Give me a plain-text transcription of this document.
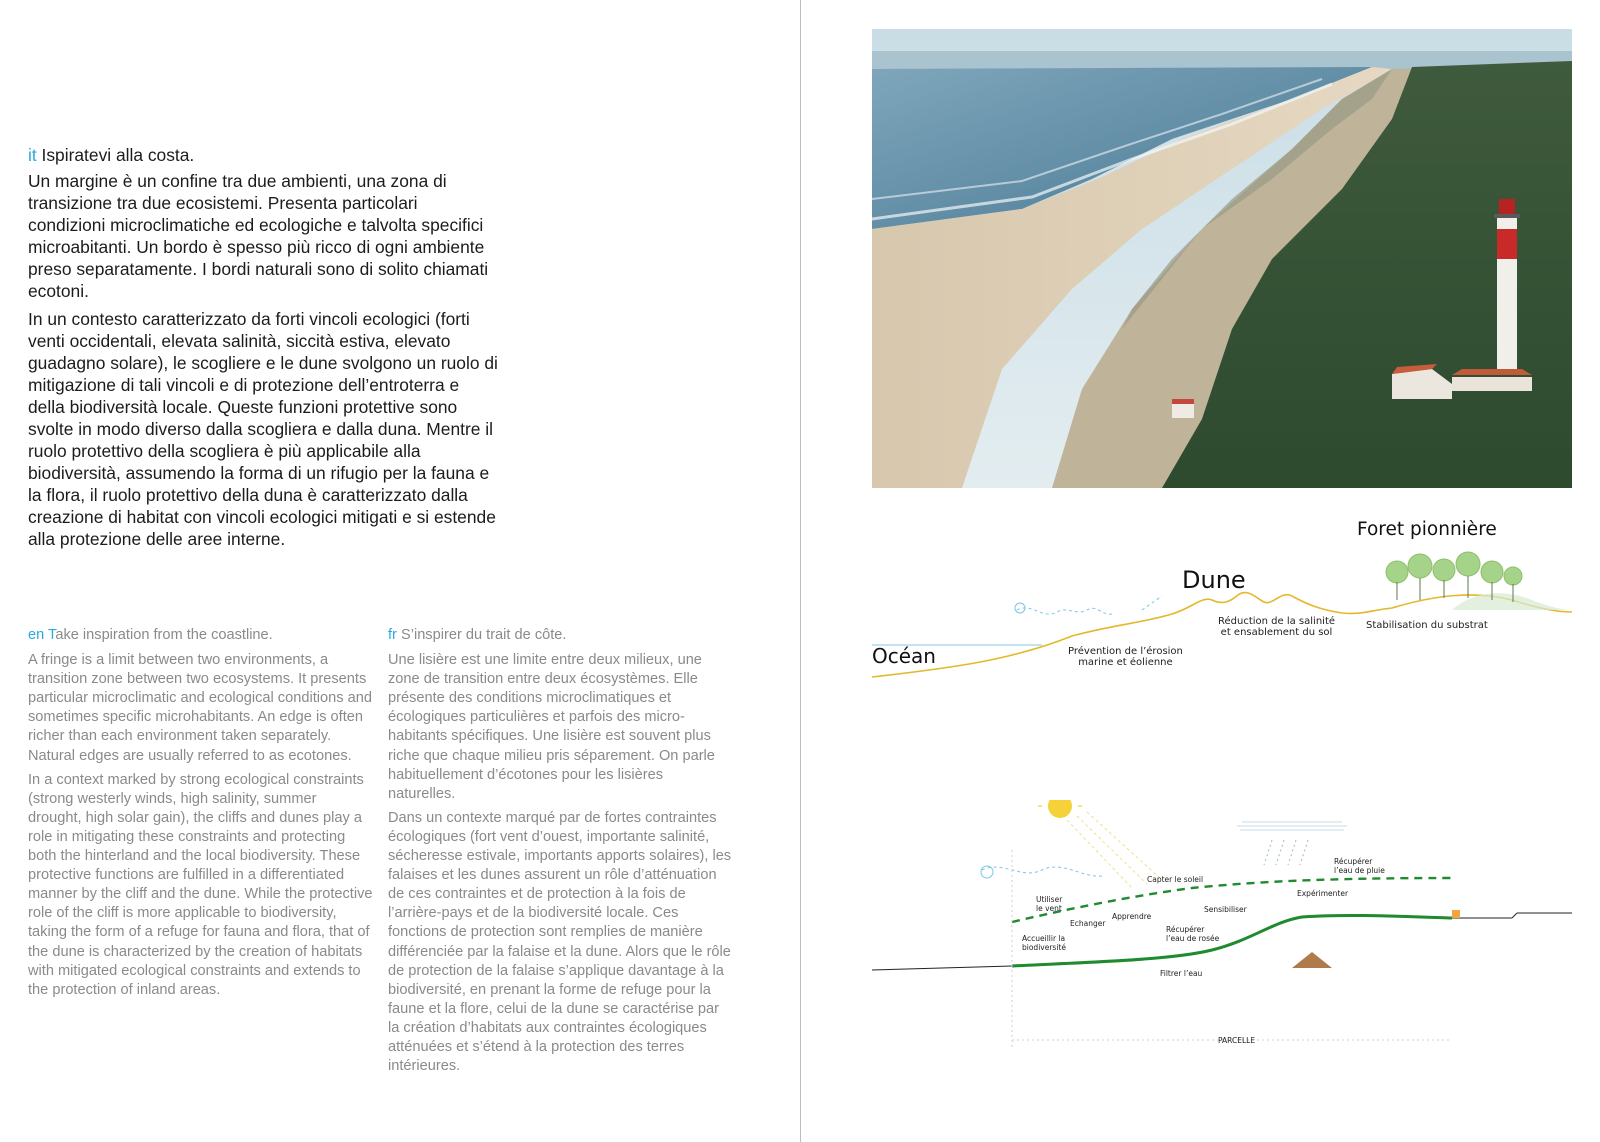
it Ispiratevi alla costa.

Un margine è un confine tra due ambienti, una zona di transizione tra due ecosistemi. Presenta particolari condizioni microclimatiche ed ecologiche e talvolta specifici microabitanti. Un bordo è spesso più ricco di ogni ambiente preso separatamente. I bordi naturali sono di solito chiamati ecotoni.

In un contesto caratterizzato da forti vincoli ecologici (forti venti occidentali, elevata salinità, siccità estiva, elevato guadagno solare), le scogliere e le dune svolgono un ruolo di mitigazione di tali vincoli e di protezione dell’entroterra e della biodiversità locale. Queste funzioni protettive sono svolte in modo diverso dalla scogliera e dalla duna. Mentre il ruolo protettivo della scogliera è più applicabile alla biodiversità, assumendo la forma di un rifugio per la fauna e la flora, il ruolo protettivo della duna è caratterizzato dalla creazione di habitat con vincoli ecologici mitigati e si estende alla protezione delle aree interne.

en Take inspiration from the coastline.

A fringe is a limit between two environments, a transition zone between two ecosystems. It presents particular microclimatic and ecological conditions and sometimes specific microhabitants. An edge is often richer than each environment taken separately. Natural edges are usually referred to as ecotones.

In a context marked by strong ecological constraints (strong westerly winds, high salinity, summer drought, high solar gain), the cliffs and dunes play a role in mitigating these constraints and protecting both the hinterland and the local biodiversity. These protective functions are fulfilled in a differentiated manner by the cliff and the dune. While the protective role of the cliff is more applicable to biodiversity, taking the form of a refuge for fauna and flora, that of the dune is characterized by the creation of habitats with mitigated ecological constraints and extends to the protection of inland areas.

fr S’inspirer du trait de côte.

Une lisière est une limite entre deux milieux, une zone de transition entre deux écosystèmes. Elle présente des conditions microclimatiques et écologiques particulières et parfois des micro-habitants spécifiques. Une lisière est souvent plus riche que chaque milieu pris séparement. On parle habituellement d’écotones pour les lisières naturelles.

Dans un contexte marqué par de fortes contraintes écologiques (fort vent d’ouest, importante salinité, sécheresse estivale, importants apports solaires), les falaises et les dunes assurent un rôle d’atténuation de ces contraintes et de protection à la fois de l’arrière-pays et de la biodiversité locale. Ces fonctions de protection sont remplies de manière différenciée par la falaise et la dune. Alors que le rôle de protection de la falaise s’applique davantage à la biodiversité, en prenant la forme de refuge pour la faune et la flore, celui de la dune se caractérise par la création d’habitats aux contraintes écologiques atténuées et s’étend à la protection des terres intérieures.

Océan
Dune
Foret pionnière
Prévention de l’érosion
marine et éolienne
Réduction de la salinité
et ensablement du sol
Stabilisation du substrat
Capter le soleil
Récupérer
l’eau de pluie
Utiliser
le vent
Expérimenter
Sensibiliser
Apprendre
Echanger
Accueillir la
biodiversité
Récupérer
l’eau de rosée
Filtrer l’eau
PARCELLE
